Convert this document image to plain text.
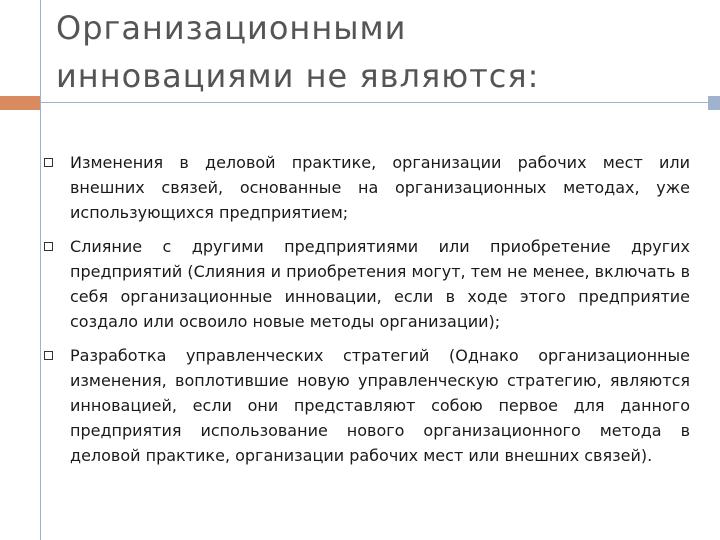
Организационными
инновациями не являются:
Изменения в деловой практике, организации рабочих мест или внешних связей, основанные на организационных методах, уже использующихся предприятием;
Слияние с другими предприятиями или приобретение других предприятий (Слияния и приобретения могут, тем не менее, включать в себя организационные инновации, если в ходе этого предприятие создало или освоило новые методы организации);
Разработка управленческих стратегий (Однако организационные изменения, воплотившие новую управленческую стратегию, являются инновацией, если они представляют собою первое для данного предприятия использование нового организационного метода в деловой практике, организации рабочих мест или внешних связей).
